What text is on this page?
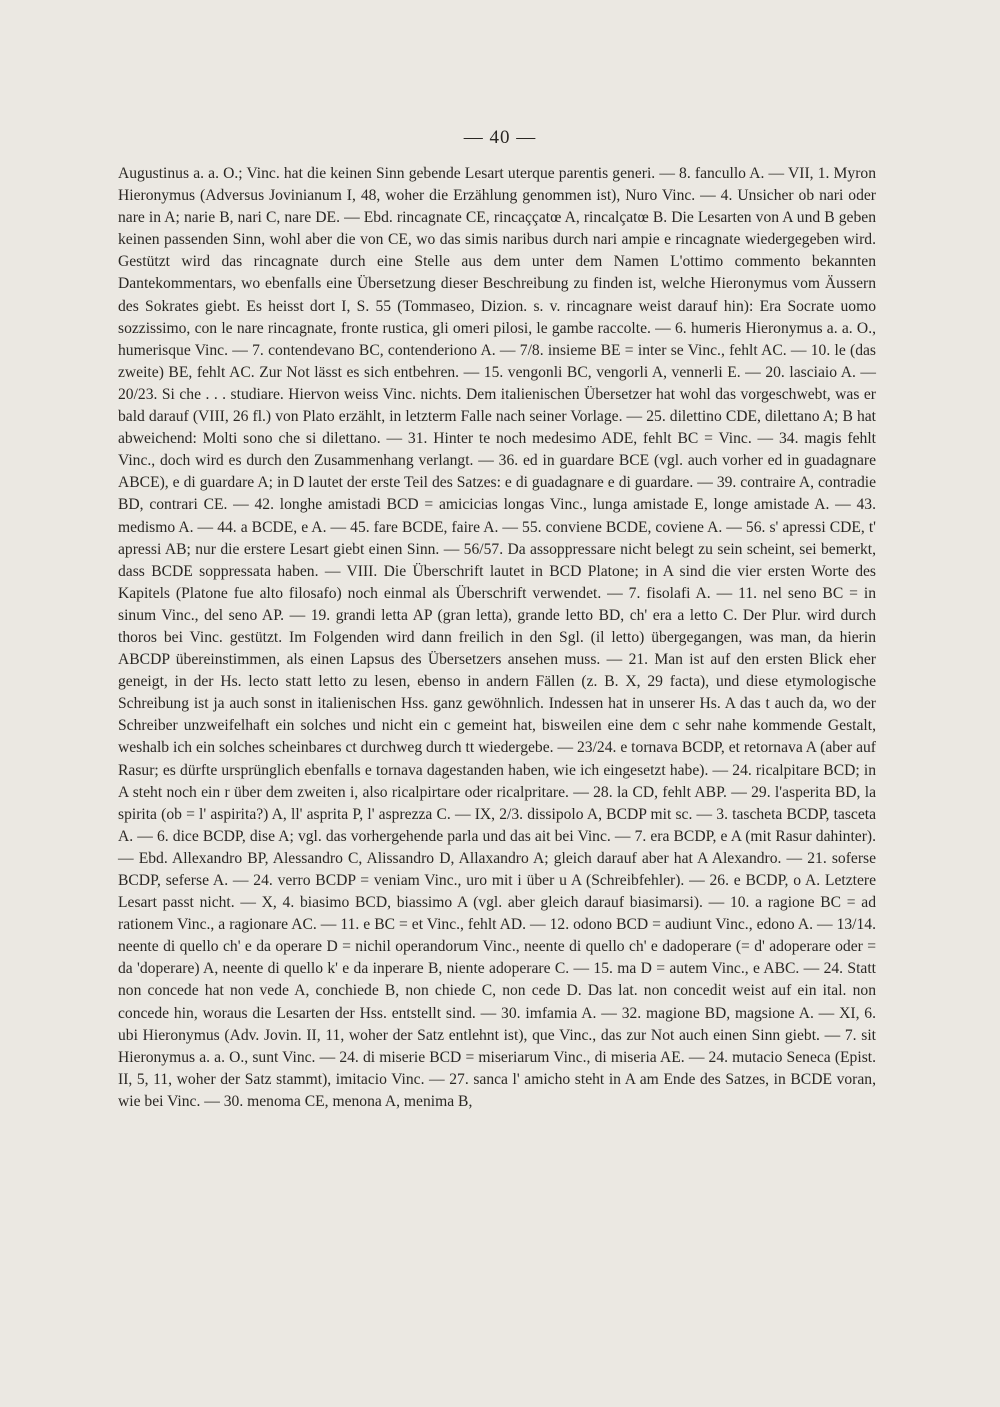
— 40 —

Augustinus a. a. O.; Vinc. hat die keinen Sinn gebende Lesart uterque parentis generi. — 8. fancullo A. — VII, 1. Myron Hieronymus (Adversus Jovinianum I, 48, woher die Erzählung genommen ist), Nuro Vinc. — 4. Unsicher ob nari oder nare in A; narie B, nari C, nare DE. — Ebd. rincagnate CE, rincaççatœ A, rincalçatœ B. Die Lesarten von A und B geben keinen passenden Sinn, wohl aber die von CE, wo das simis naribus durch nari ampie e rincagnate wiedergegeben wird. Gestützt wird das rincagnate durch eine Stelle aus dem unter dem Namen L'ottimo commento bekannten Dantekommentars, wo ebenfalls eine Übersetzung dieser Beschreibung zu finden ist, welche Hieronymus vom Äussern des Sokrates giebt. Es heisst dort I, S. 55 (Tommaseo, Dizion. s. v. rincagnare weist darauf hin): Era Socrate uomo sozzissimo, con le nare rincagnate, fronte rustica, gli omeri pilosi, le gambe raccolte. — 6. humeris Hieronymus a. a. O., humerisque Vinc. — 7. contendevano BC, contenderiono A. — 7/8. insieme BE = inter se Vinc., fehlt AC. — 10. le (das zweite) BE, fehlt AC. Zur Not lässt es sich entbehren. — 15. vengonli BC, vengorli A, vennerli E. — 20. lasciaio A. — 20/23. Si che . . . studiare. Hiervon weiss Vinc. nichts. Dem italienischen Übersetzer hat wohl das vorgeschwebt, was er bald darauf (VIII, 26 fl.) von Plato erzählt, in letzterm Falle nach seiner Vorlage. — 25. dilettino CDE, dilettano A; B hat abweichend: Molti sono che si dilettano. — 31. Hinter te noch medesimo ADE, fehlt BC = Vinc. — 34. magis fehlt Vinc., doch wird es durch den Zusammenhang verlangt. — 36. ed in guardare BCE (vgl. auch vorher ed in guadagnare ABCE), e di guardare A; in D lautet der erste Teil des Satzes: e di guadagnare e di guardare. — 39. contraire A, contradie BD, contrari CE. — 42. longhe amistadi BCD = amicicias longas Vinc., lunga amistade E, longe amistade A. — 43. medismo A. — 44. a BCDE, e A. — 45. fare BCDE, faire A. — 55. conviene BCDE, coviene A. — 56. s' apressi CDE, t' apressi AB; nur die erstere Lesart giebt einen Sinn. — 56/57. Da assoppressare nicht belegt zu sein scheint, sei bemerkt, dass BCDE soppressata haben. — VIII. Die Überschrift lautet in BCD Platone; in A sind die vier ersten Worte des Kapitels (Platone fue alto filosafo) noch einmal als Überschrift verwendet. — 7. fisolafi A. — 11. nel seno BC = in sinum Vinc., del seno AP. — 19. grandi letta AP (gran letta), grande letto BD, ch' era a letto C. Der Plur. wird durch thoros bei Vinc. gestützt. Im Folgenden wird dann freilich in den Sgl. (il letto) übergegangen, was man, da hierin ABCDP übereinstimmen, als einen Lapsus des Übersetzers ansehen muss. — 21. Man ist auf den ersten Blick eher geneigt, in der Hs. lecto statt letto zu lesen, ebenso in andern Fällen (z. B. X, 29 facta), und diese etymologische Schreibung ist ja auch sonst in italienischen Hss. ganz gewöhnlich. Indessen hat in unserer Hs. A das t auch da, wo der Schreiber unzweifelhaft ein solches und nicht ein c gemeint hat, bisweilen eine dem c sehr nahe kommende Gestalt, weshalb ich ein solches scheinbares ct durchweg durch tt wiedergebe. — 23/24. e tornava BCDP, et retornava A (aber auf Rasur; es dürfte ursprünglich ebenfalls e tornava dagestanden haben, wie ich eingesetzt habe). — 24. ricalpitare BCD; in A steht noch ein r über dem zweiten i, also ricalpirtare oder ricalpritare. — 28. la CD, fehlt ABP. — 29. l'asperita BD, la spirita (ob = l' aspirita?) A, ll' asprita P, l' asprezza C. — IX, 2/3. dissipolo A, BCDP mit sc. — 3. tascheta BCDP, tasceta A. — 6. dice BCDP, dise A; vgl. das vorhergehende parla und das ait bei Vinc. — 7. era BCDP, e A (mit Rasur dahinter). — Ebd. Allexandro BP, Alessandro C, Alissandro D, Allaxandro A; gleich darauf aber hat A Alexandro. — 21. soferse BCDP, seferse A. — 24. verro BCDP = veniam Vinc., uro mit i über u A (Schreibfehler). — 26. e BCDP, o A. Letztere Lesart passt nicht. — X, 4. biasimo BCD, biassimo A (vgl. aber gleich darauf biasimarsi). — 10. a ragione BC = ad rationem Vinc., a ragionare AC. — 11. e BC = et Vinc., fehlt AD. — 12. odono BCD = audiunt Vinc., edono A. — 13/14. neente di quello ch' e da operare D = nichil operandorum Vinc., neente di quello ch' e dadoperare (= d' adoperare oder = da 'doperare) A, neente di quello k' e da inperare B, niente adoperare C. — 15. ma D = autem Vinc., e ABC. — 24. Statt non concede hat non vede A, conchiede B, non chiede C, non cede D. Das lat. non concedit weist auf ein ital. non concede hin, woraus die Lesarten der Hss. entstellt sind. — 30. imfamia A. — 32. magione BD, magsione A. — XI, 6. ubi Hieronymus (Adv. Jovin. II, 11, woher der Satz entlehnt ist), que Vinc., das zur Not auch einen Sinn giebt. — 7. sit Hieronymus a. a. O., sunt Vinc. — 24. di miserie BCD = miseriarum Vinc., di miseria AE. — 24. mutacio Seneca (Epist. II, 5, 11, woher der Satz stammt), imitacio Vinc. — 27. sanca l' amicho steht in A am Ende des Satzes, in BCDE voran, wie bei Vinc. — 30. menoma CE, menona A, menima B,
